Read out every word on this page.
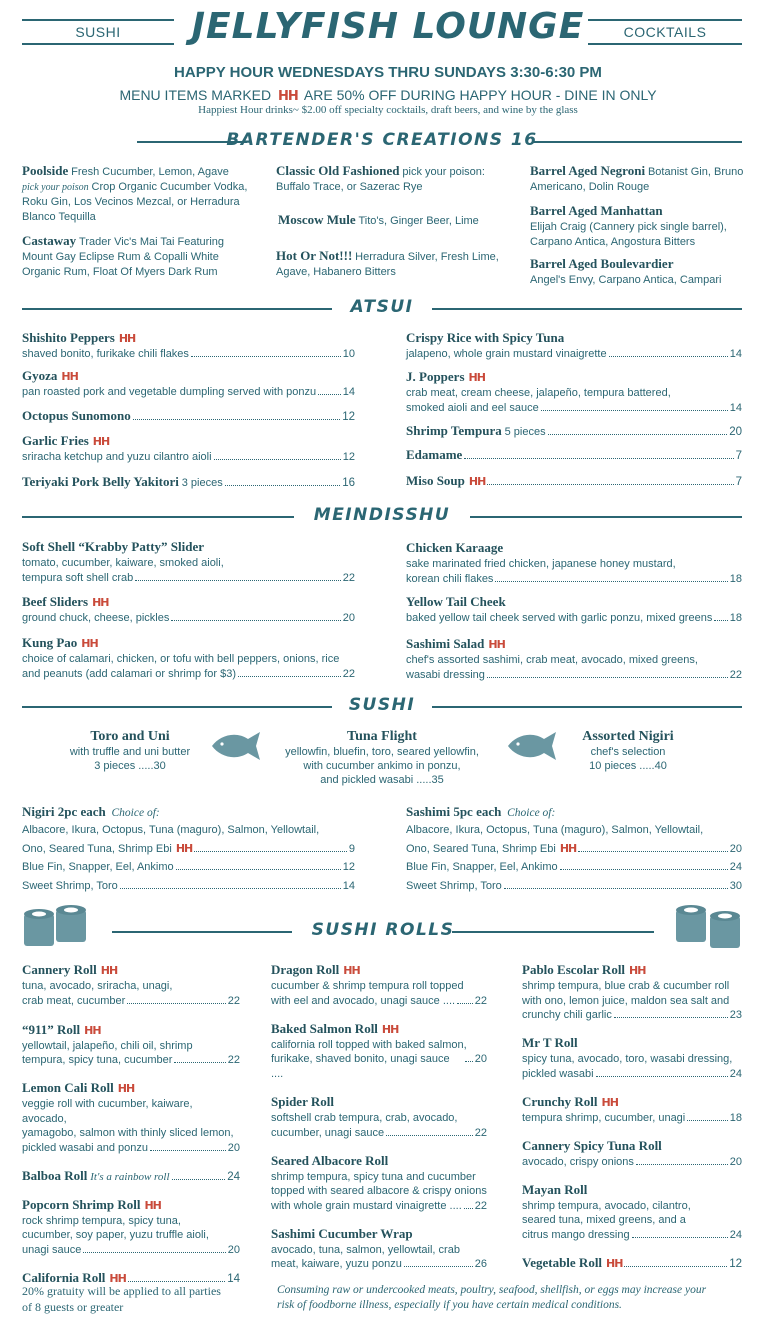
SUSHI	JELLYFISH LOUNGE	COCKTAILS
HAPPY HOUR WEDNESDAYS THRU SUNDAYS 3:30-6:30 PM
MENU ITEMS MARKED HH ARE 50% OFF DURING HAPPY HOUR - DINE IN ONLY
Happiest Hour drinks~ $2.00 off specialty cocktails, draft beers, and wine by the glass
BARTENDER'S CREATIONS 16
Poolside Fresh Cucumber, Lemon, Agave
pick your poison Crop Organic Cucumber Vodka, Roku Gin, Los Vecinos Mezcal, or Herradura Blanco Tequilla
Castaway Trader Vic's Mai Tai Featuring Mount Gay Eclipse Rum & Copalli White Organic Rum, Float Of Myers Dark Rum
Classic Old Fashioned pick your poison: Buffalo Trace, or Sazerac Rye
Moscow Mule Tito's, Ginger Beer, Lime
Hot Or Not!!! Herradura Silver, Fresh Lime, Agave, Habanero Bitters
Barrel Aged Negroni Botanist Gin, Bruno Americano, Dolin Rouge
Barrel Aged Manhattan
Elijah Craig (Cannery pick single barrel), Carpano Antica, Angostura Bitters
Barrel Aged Boulevardier
Angel's Envy, Carpano Antica, Campari
ATSUI
Shishito Peppers HH
shaved bonito, furikake chili flakes	10
Gyoza HH
pan roasted pork and vegetable dumpling served with ponzu 14
Octopus Sunomono	12
Garlic Fries HH
sriracha ketchup and yuzu cilantro aioli	12
Teriyaki Pork Belly Yakitori
3 pieces	16
Crispy Rice with Spicy Tuna
jalapeno, whole grain mustard vinaigrette	14
J. Poppers HH
crab meat, cream cheese, jalapeño, tempura battered,
smoked aioli and eel sauce	14
Shrimp Tempura
5 pieces	20
Edamame	7
Miso Soup HH	7
MEINDISSHU
Soft Shell “Krabby Patty” Slider
tomato, cucumber, kaiware, smoked aioli,
tempura soft shell crab	22
Beef Sliders HH
ground chuck, cheese, pickles	20
Kung Pao HH
choice of calamari, chicken, or tofu with bell peppers, onions, rice
and peanuts (add calamari or shrimp for $3)	22
Chicken Karaage
sake marinated fried chicken, japanese honey mustard,
korean chili flakes	18
Yellow Tail Cheek
baked yellow tail cheek served with garlic ponzu, mixed greens 18
Sashimi Salad HH
chef's assorted sashimi, crab meat, avocado, mixed greens,
wasabi dressing	22
SUSHI
Toro and Uni
with truffle and uni butter
3 pieces .....30
Tuna Flight
yellowfin, bluefin, toro, seared yellowfin,
with cucumber ankimo in ponzu,
and pickled wasabi .....35
Assorted Nigiri
chef's selection
10 pieces .....40
Nigiri 2pc each Choice of:
Albacore, Ikura, Octopus, Tuna (maguro), Salmon, Yellowtail,
Ono, Seared Tuna, Shrimp Ebi HH	9
Blue Fin, Snapper, Eel, Ankimo	12
Sweet Shrimp, Toro	14
Sashimi 5pc each Choice of:
Albacore, Ikura, Octopus, Tuna (maguro), Salmon, Yellowtail,
Ono, Seared Tuna, Shrimp Ebi HH	20
Blue Fin, Snapper, Eel, Ankimo	24
Sweet Shrimp, Toro	30
SUSHI ROLLS
Cannery Roll HH
tuna, avocado, sriracha, unagi,
crab meat, cucumber	22
“911” Roll HH
yellowtail, jalapeño, chili oil, shrimp
tempura, spicy tuna, cucumber	22
Lemon Cali Roll HH
veggie roll with cucumber, kaiware, avocado,
yamagobo, salmon with thinly sliced lemon,
pickled wasabi and ponzu	20
Balboa Roll
It's a rainbow roll	24
Popcorn Shrimp Roll HH
rock shrimp tempura, spicy tuna,
cucumber, soy paper, yuzu truffle aioli,
unagi sauce	20
California Roll HH	14
Dragon Roll HH
cucumber & shrimp tempura roll topped
with eel and avocado, unagi sauce .... 22
Baked Salmon Roll HH
california roll topped with baked salmon,
furikake, shaved bonito, unagi sauce ....
20
Spider Roll
softshell crab tempura, crab, avocado,
cucumber, unagi sauce	22
Seared Albacore Roll
shrimp tempura, spicy tuna and cucumber
topped with seared albacore & crispy onions
with whole grain mustard vinaigrette .... 22
Sashimi Cucumber Wrap
avocado, tuna, salmon, yellowtail, crab
meat, kaiware, yuzu ponzu	26
Pablo Escolar Roll HH
shrimp tempura, blue crab & cucumber roll
with ono, lemon juice, maldon sea salt and
crunchy chili garlic	23
Mr T Roll
spicy tuna, avocado, toro, wasabi dressing,
pickled wasabi	24
Crunchy Roll HH
tempura shrimp, cucumber, unagi	18
Cannery Spicy Tuna Roll
avocado, crispy onions	20
Mayan Roll
shrimp tempura, avocado, cilantro,
seared tuna, mixed greens, and a
citrus mango dressing	24
Vegetable Roll HH	12
20% gratuity will be applied to all parties of 8 guests or greater
Consuming raw or undercooked meats, poultry, seafood, shellfish, or eggs may increase your risk of foodborne illness, especially if you have certain medical conditions.
